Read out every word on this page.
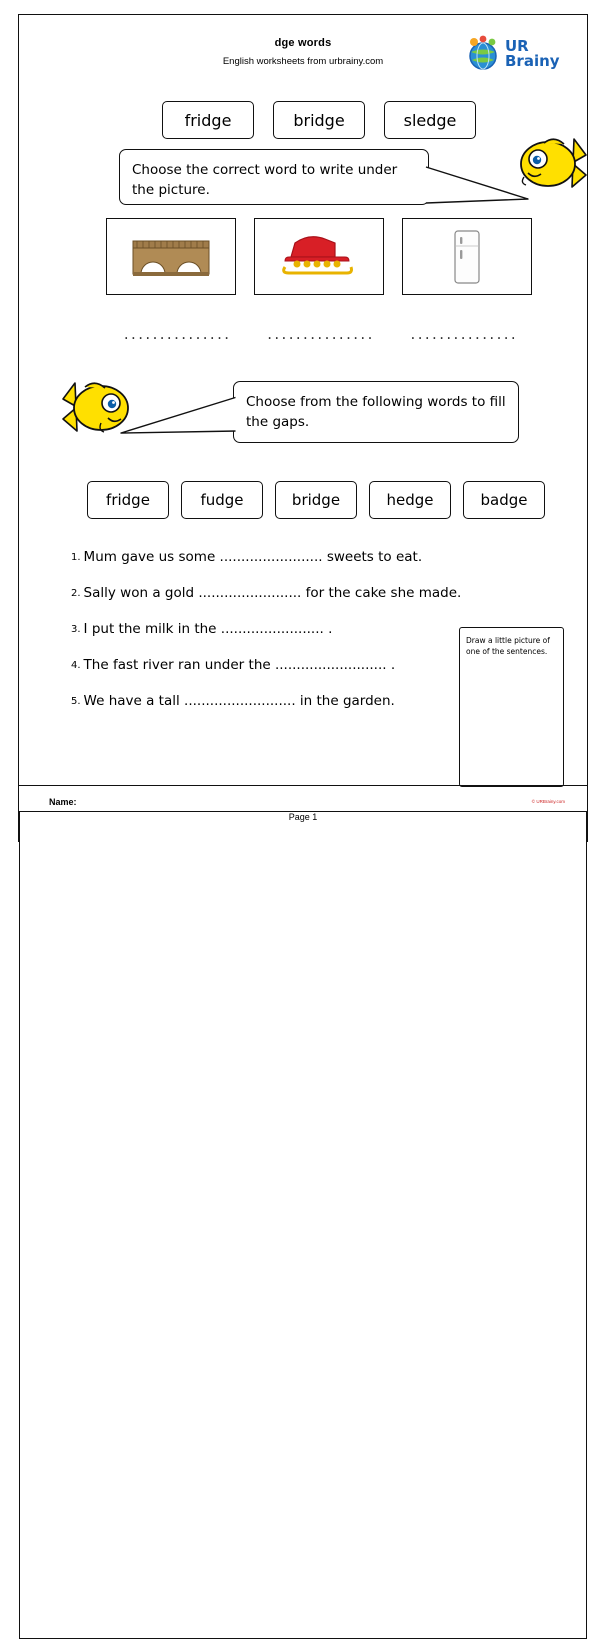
dge words
English worksheets from urbrainy.com
UR
Brainy
fridge	bridge	sledge
Choose the correct word to write under the picture.
...............	...............	...............
Choose from the following words to fill the gaps.
fridge	fudge	bridge	hedge	badge
1. Mum gave us some ........................ sweets to eat.
2. Sally won a gold ........................ for the cake she made.
3. I put the milk in the ........................ .
4. The fast river ran under the .......................... .
5. We have a tall .......................... in the garden.
Draw a little picture of one of the sentences.
Name:
Page 1
© URBrainy.com
